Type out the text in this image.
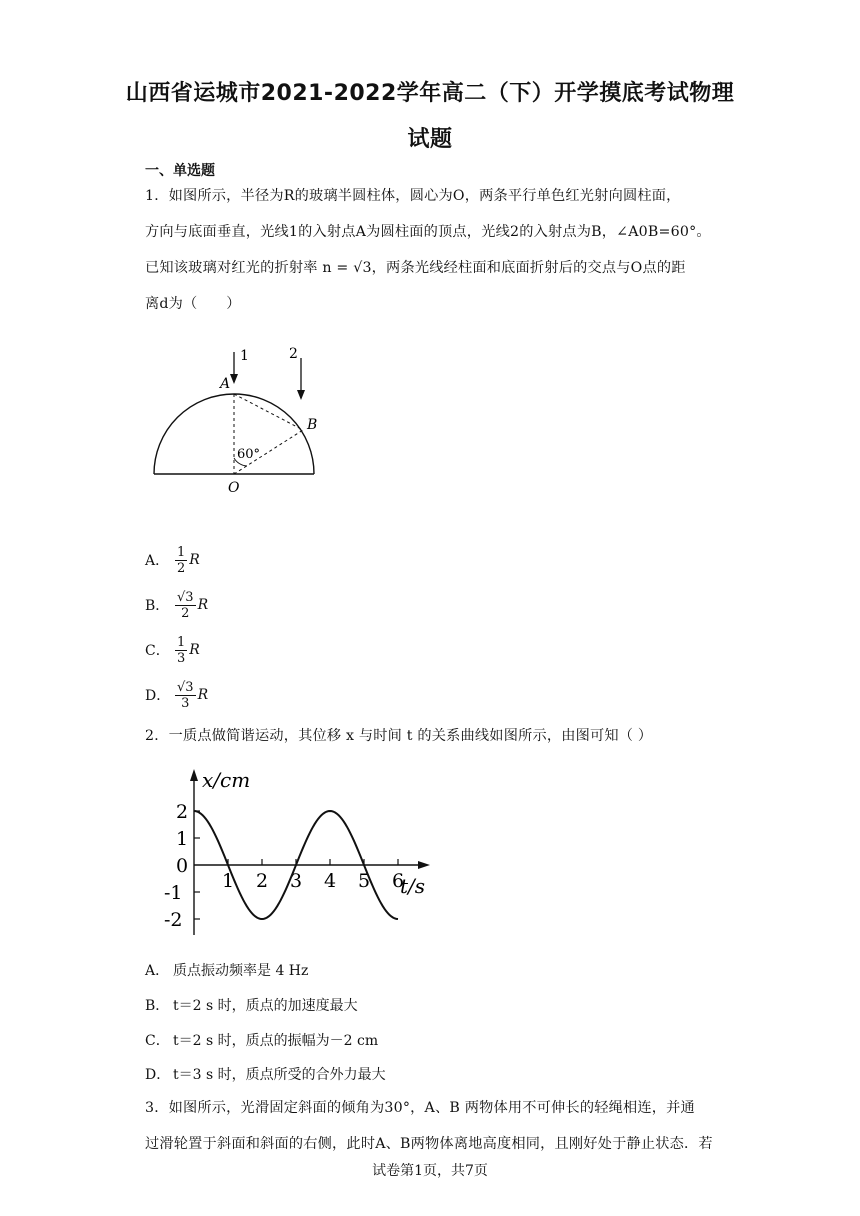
山西省运城市2021-2022学年高二（下）开学摸底考试物理
试题
一、单选题
1．如图所示，半径为R的玻璃半圆柱体，圆心为O，两条平行单色红光射向圆柱面，
方向与底面垂直，光线1的入射点A为圆柱面的顶点，光线2的入射点为B，∠A0B=60°。
已知该玻璃对红光的折射率 n = √3，两条光线经柱面和底面折射后的交点与O点的距
离d为（　　）
1	2
A
B
O
60°
A． $\frac{1}{2}$ R
B． $\frac{√3}{2}$ R
C． $\frac{1}{3}$ R
D． $\frac{√3}{3}$ R
2．一质点做简谐运动，其位移 x 与时间 t 的关系曲线如图所示，由图可知（ ）
x/cm
t/s
1 2 3 4 5 6
2
1
0
-1
-2
A． 质点振动频率是 4 Hz
B． t＝2 s 时，质点的加速度最大
C． t＝2 s 时，质点的振幅为－2 cm
D． t＝3 s 时，质点所受的合外力最大
3．如图所示，光滑固定斜面的倾角为30°，A、B 两物体用不可伸长的轻绳相连，并通
过滑轮置于斜面和斜面的右侧，此时A、B两物体离地高度相同，且刚好处于静止状态．若
试卷第1页，共7页
